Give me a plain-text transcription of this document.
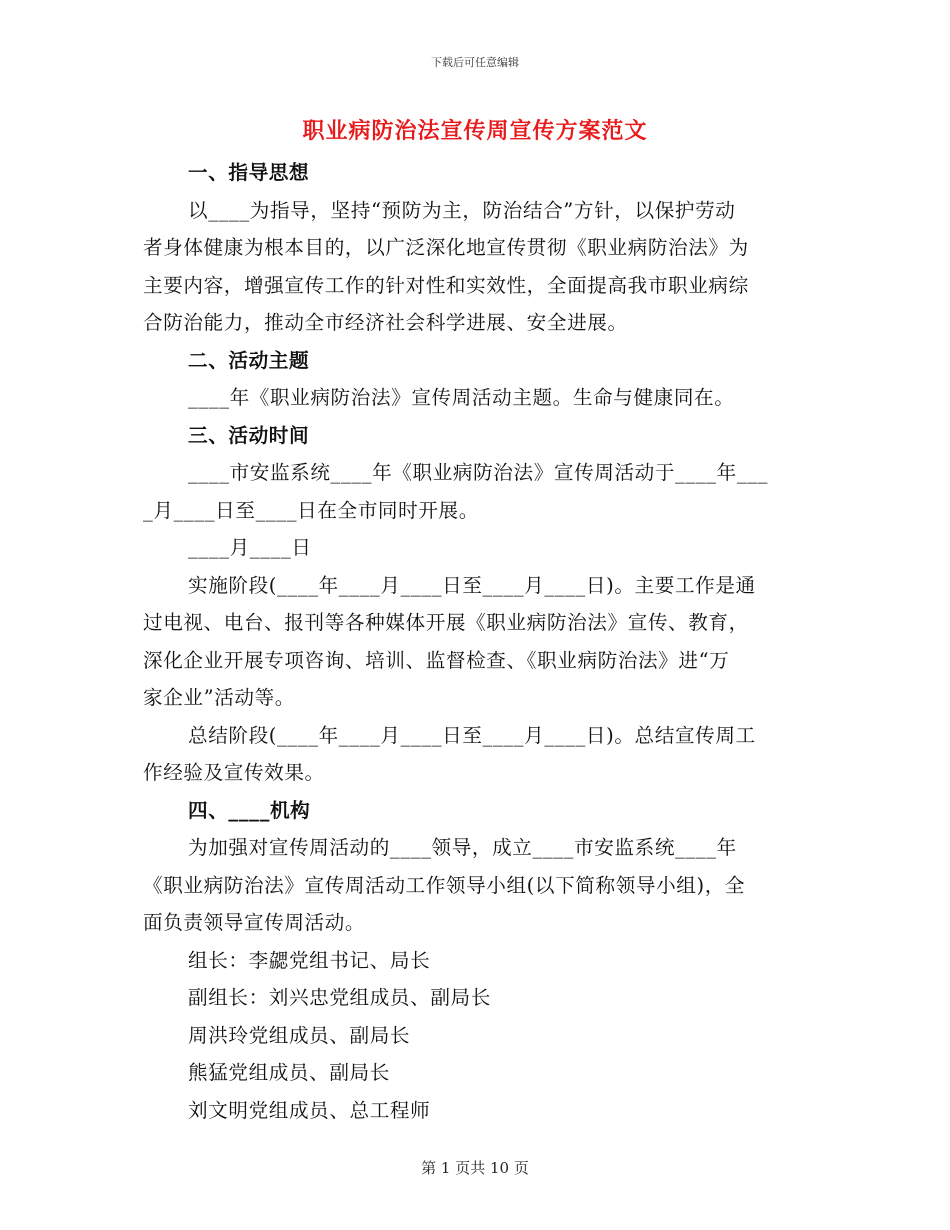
下载后可任意编辑
职业病防治法宣传周宣传方案范文
一、指导思想
以____为指导，坚持“预防为主，防治结合”方针，以保护劳动
者身体健康为根本目的，以广泛深化地宣传贯彻《职业病防治法》为
主要内容，增强宣传工作的针对性和实效性，全面提高我市职业病综
合防治能力，推动全市经济社会科学进展、安全进展。
二、活动主题
____年《职业病防治法》宣传周活动主题。生命与健康同在。
三、活动时间
____市安监系统____年《职业病防治法》宣传周活动于____年___
_月____日至____日在全市同时开展。
____月____日
实施阶段(____年____月____日至____月____日)。主要工作是通
过电视、电台、报刊等各种媒体开展《职业病防治法》宣传、教育，
深化企业开展专项咨询、培训、监督检查、《职业病防治法》进“万
家企业”活动等。
总结阶段(____年____月____日至____月____日)。总结宣传周工
作经验及宣传效果。
四、____机构
为加强对宣传周活动的____领导，成立____市安监系统____年
《职业病防治法》宣传周活动工作领导小组(以下简称领导小组)，全
面负责领导宣传周活动。
组长：李勰党组书记、局长
副组长：刘兴忠党组成员、副局长
周洪玲党组成员、副局长
熊猛党组成员、副局长
刘文明党组成员、总工程师
第 1 页共 10 页
